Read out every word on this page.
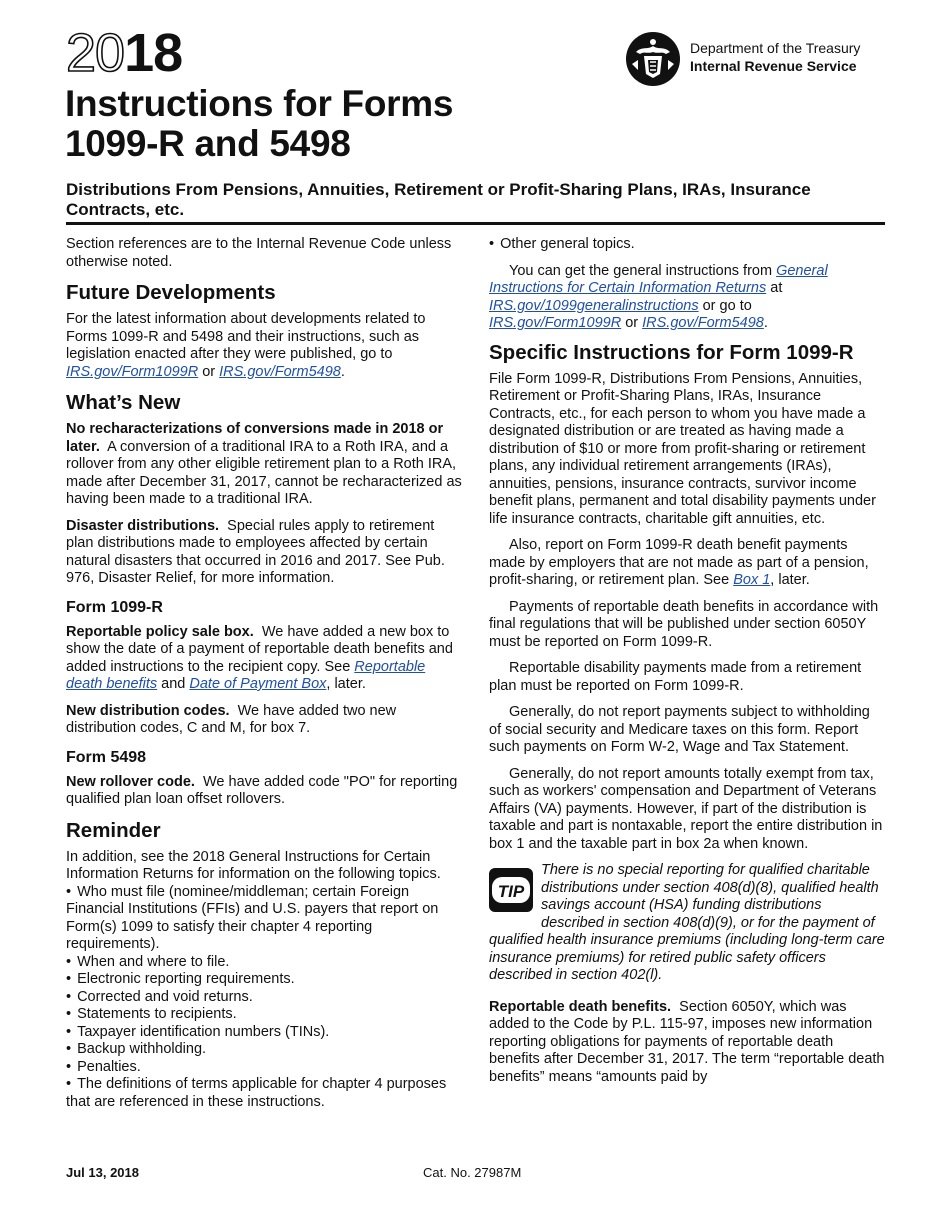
2018
Instructions for Forms
1099-R and 5498
Distributions From Pensions, Annuities, Retirement or Profit-Sharing Plans, IRAs, Insurance Contracts, etc.
Department of the Treasury
Internal Revenue Service

Section references are to the Internal Revenue Code unless otherwise noted.

Future Developments

For the latest information about developments related to Forms 1099-R and 5498 and their instructions, such as legislation enacted after they were published, go to IRS.gov/Form1099R or IRS.gov/Form5498.

What’s New

No recharacterizations of conversions made in 2018 or later. A conversion of a traditional IRA to a Roth IRA, and a rollover from any other eligible retirement plan to a Roth IRA, made after December 31, 2017, cannot be recharacterized as having been made to a traditional IRA.

Disaster distributions. Special rules apply to retirement plan distributions made to employees affected by certain natural disasters that occurred in 2016 and 2017. See Pub. 976, Disaster Relief, for more information.

Form 1099-R

Reportable policy sale box. We have added a new box to show the date of a payment of reportable death benefits and added instructions to the recipient copy. See Reportable death benefits and Date of Payment Box, later.

New distribution codes. We have added two new distribution codes, C and M, for box 7.

Form 5498

New rollover code. We have added code "PO" for reporting qualified plan loan offset rollovers.

Reminder

In addition, see the 2018 General Instructions for Certain Information Returns for information on the following topics.

• Who must file (nominee/middleman; certain Foreign Financial Institutions (FFIs) and U.S. payers that report on Form(s) 1099 to satisfy their chapter 4 reporting requirements).
• When and where to file.
• Electronic reporting requirements.
• Corrected and void returns.
• Statements to recipients.
• Taxpayer identification numbers (TINs).
• Backup withholding.
• Penalties.
• The definitions of terms applicable for chapter 4 purposes that are referenced in these instructions.
• Other general topics.

You can get the general instructions from General Instructions for Certain Information Returns at IRS.gov/1099generalinstructions or go to IRS.gov/Form1099R or IRS.gov/Form5498.

Specific Instructions for Form 1099-R

File Form 1099-R, Distributions From Pensions, Annuities, Retirement or Profit-Sharing Plans, IRAs, Insurance Contracts, etc., for each person to whom you have made a designated distribution or are treated as having made a distribution of $10 or more from profit-sharing or retirement plans, any individual retirement arrangements (IRAs), annuities, pensions, insurance contracts, survivor income benefit plans, permanent and total disability payments under life insurance contracts, charitable gift annuities, etc.

Also, report on Form 1099-R death benefit payments made by employers that are not made as part of a pension, profit-sharing, or retirement plan. See Box 1, later.

Payments of reportable death benefits in accordance with final regulations that will be published under section 6050Y must be reported on Form 1099-R.

Reportable disability payments made from a retirement plan must be reported on Form 1099-R.

Generally, do not report payments subject to withholding of social security and Medicare taxes on this form. Report such payments on Form W-2, Wage and Tax Statement.

Generally, do not report amounts totally exempt from tax, such as workers' compensation and Department of Veterans Affairs (VA) payments. However, if part of the distribution is taxable and part is nontaxable, report the entire distribution in box 1 and the taxable part in box 2a when known.

TIP
There is no special reporting for qualified charitable distributions under section 408(d)(8), qualified health savings account (HSA) funding distributions described in section 408(d)(9), or for the payment of qualified health insurance premiums (including long-term care insurance premiums) for retired public safety officers described in section 402(l).

Reportable death benefits. Section 6050Y, which was added to the Code by P.L. 115-97, imposes new information reporting obligations for payments of reportable death benefits after December 31, 2017. The term “reportable death benefits” means “amounts paid by

Jul 13, 2018	Cat. No. 27987M
